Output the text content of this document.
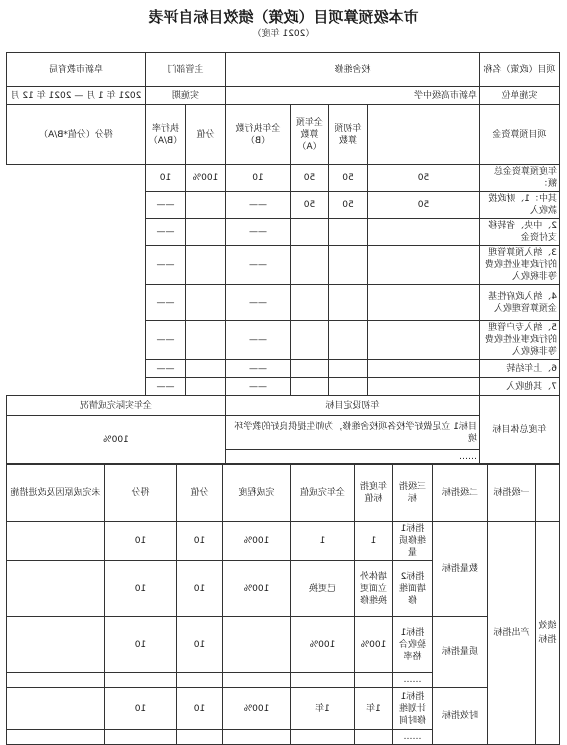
市本级预算项目（政策）绩效目标自评表
（2021 年度）
项目（政策）名称	校舍维修				主管部门		阜新市教育局
实施单位	阜新市高级中学				实施期		2021 年 1 月 — 2021 年 12 月
项目预算资金		年初预算数	全年预算数（A）	全年执行数（B）	分值	执行率（B/A）	得分（分值*B/A）
年度预算资金总额：	50	50	50	10	100%	10	
其中：1、财政拨款收入	50	50	50	——		——	
2、中央、省转移支付资金				——		——	
3、纳入预算管理的行政事业性收费等非税收入				——		——	
4、纳入政府性基金预算管理收入				——		——	
5、纳入专户管理的行政事业性收费等非税收入				——		——	
6、上年结转				——		——	
7、其他收入				——		——	
年度总体目标	年初设定目标				全年实际完成情况		
	目标1 立足做好学校各项校舍维修，为师生提供良好的教学环境				100%		
	……						
	一级指标	二级指标	三级指标	年度指标值	全年完成值	完成程度	分值	得分	未完成原因及改进措施
绩效指标	产出指标	数量指标	指标1 维修质量	1	1	100%	10	10	
			指标2 墙面维修	墙体外立面更换维修	已更换	100%	10	10	
		质量指标	指标1 验收合格率	100%	100%		10	10	
			……						
		时效指标	指标1 计划维修时间	1年	1年	100%	10	10	
			……						
